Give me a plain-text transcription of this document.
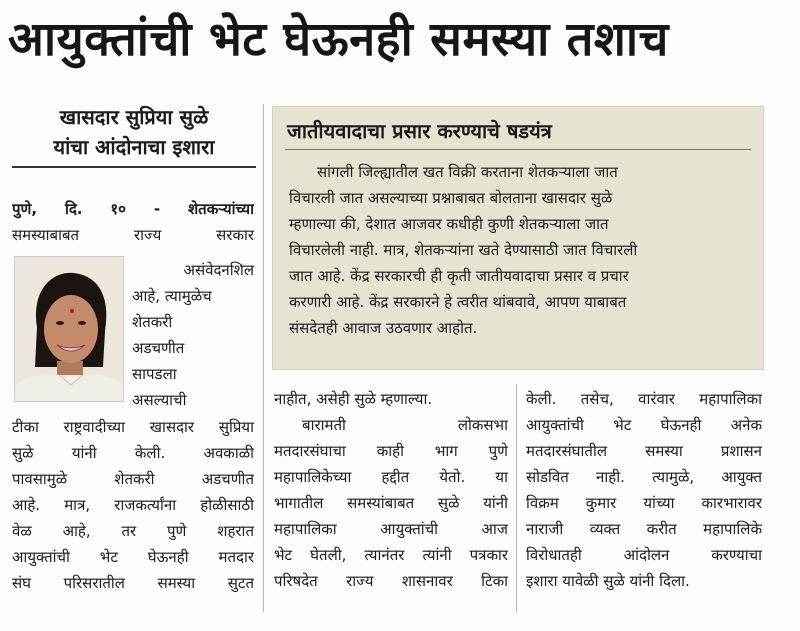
आयुक्तांची भेट घेऊनही समस्या तशाच
खासदार सुप्रिया सुळे
यांचा आंदोनाचा इशारा
पुणे, दि. १० - शेतकऱ्यांच्या
समस्याबाबत राज्य सरकार
असंवेदनशिल
आहे, त्यामुळेच
शेतकरी
अडचणीत
सापडला
असल्याची
टीका राष्ट्रवादीच्या खासदार सुप्रिया
सुळे यांनी केली. अवकाळी
पावसामुळे शेतकरी अडचणीत
आहे. मात्र, राजकर्त्यांना होळीसाठी
वेळ आहे, तर पुणे शहरात
आयुक्तांची भेट घेऊनही मतदार
संघ परिसरातील समस्या सुटत
जातीयवादाचा प्रसार करण्याचे षडयंत्र
सांगली जिल्ह्यातील खत विक्री करताना शेतकऱ्याला जात
विचारली जात असल्याच्या प्रश्नाबाबत बोलताना खासदार सुळे
म्हणाल्या की, देशात आजवर कधीही कुणी शेतकऱ्याला जात
विचारलेली नाही. मात्र, शेतकऱ्यांना खते देण्यासाठी जात विचारली
जात आहे. केंद्र सरकारची ही कृती जातीयवादाचा प्रसार व प्रचार
करणारी आहे. केंद्र सरकारने हे त्वरीत थांबवावे, आपण याबाबत
संसदेतही आवाज उठवणार आहोत.
नाहीत, असेही सुळे म्हणाल्या.
बारामती लोकसभा
मतदारसंघाचा काही भाग पुणे
महापालिकेच्या हद्दीत येतो. या
भागातील समस्यांबाबत सुळे यांनी
महापालिका आयुक्तांची आज
भेट घेतली, त्यानंतर त्यांनी पत्रकार
परिषदेत राज्य शासनावर टिका
केली. तसेच, वारंवार महापालिका
आयुक्तांची भेट घेऊनही अनेक
मतदारसंघातील समस्या प्रशासन
सोडवित नाही. त्यामुळे, आयुक्त
विक्रम कुमार यांच्या कारभारावर
नाराजी व्यक्त करीत महापालिके
विरोधातही आंदोलन करण्याचा
इशारा यावेळी सुळे यांनी दिला.
